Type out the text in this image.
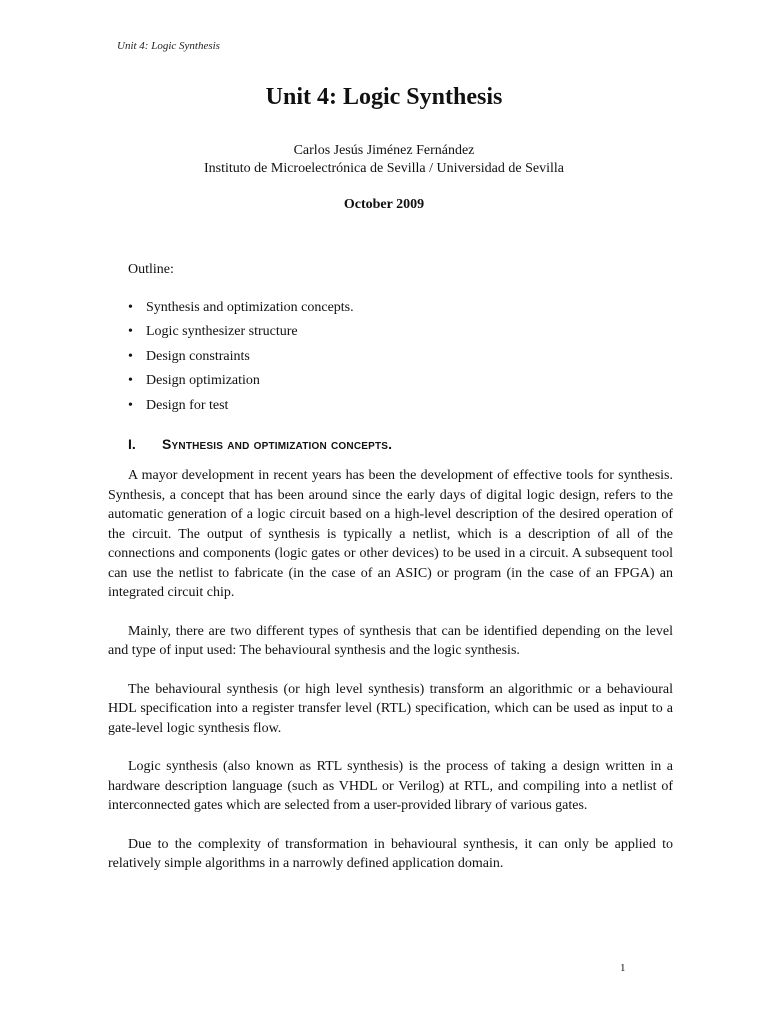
Unit 4: Logic Synthesis
Unit 4: Logic Synthesis
Carlos Jesús Jiménez Fernández
Instituto de Microelectrónica de Sevilla / Universidad de Sevilla
October 2009
Outline:
• Synthesis and optimization concepts.
• Logic synthesizer structure
• Design constraints
• Design optimization
• Design for test
I.	Synthesis and optimization concepts.

A mayor development in recent years has been the development of effective tools for synthesis. Synthesis, a concept that has been around since the early days of digital logic design, refers to the automatic generation of a logic circuit based on a high-level description of the desired operation of the circuit. The output of synthesis is typically a netlist, which is a description of all of the connections and components (logic gates or other devices) to be used in a circuit. A subsequent tool can use the netlist to fabricate (in the case of an ASIC) or program (in the case of an FPGA) an integrated circuit chip.

Mainly, there are two different types of synthesis that can be identified depending on the level and type of input used: The behavioural synthesis and the logic synthesis.

The behavioural synthesis (or high level synthesis) transform an algorithmic or a behavioural HDL specification into a register transfer level (RTL) specification, which can be used as input to a gate-level logic synthesis flow.

Logic synthesis (also known as RTL synthesis) is the process of taking a design written in a hardware description language (such as VHDL or Verilog) at RTL, and compiling into a netlist of interconnected gates which are selected from a user-provided library of various gates.

Due to the complexity of transformation in behavioural synthesis, it can only be applied to relatively simple algorithms in a narrowly defined application domain.

1
